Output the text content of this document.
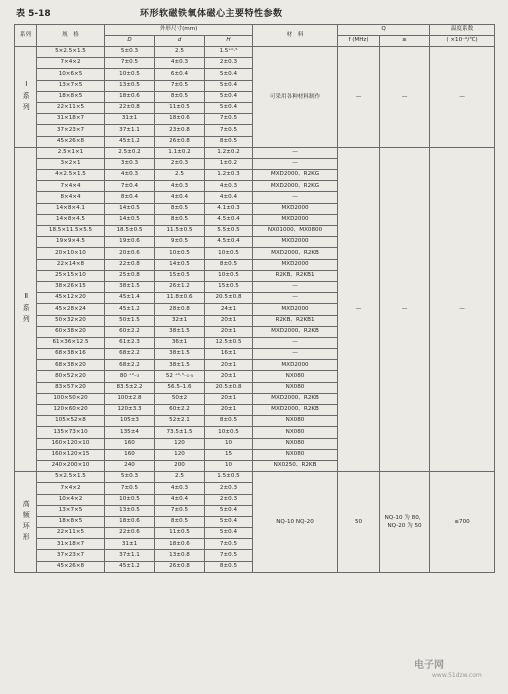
表 5-18	环形软磁铁氧体磁心主要特性参数
系列	规　格	外形尺寸(mm)			材　料	Q		温度系数
		D	d	H		f (MHz)	≥	( ×10⁻⁶/℃)
Ⅰ系列	5×2.5×1.5	5±0.3	2.5	1.5⁺⁰·⁵	可采用各种材料制作	—	—	—
	7×4×2	7±0.5	4±0.3	2±0.3				
	10×6×5	10±0.5	6±0.4	5±0.4				
	13×7×5	13±0.5	7±0.5	5±0.4				
	18×8×5	18±0.6	8±0.5	5±0.4				
	22×11×5	22±0.8	11±0.5	5±0.4				
	31×18×7	31±1	18±0.6	7±0.5				
	37×23×7	37±1.1	23±0.8	7±0.5				
	45×26×8	45±1.2	26±0.8	8±0.5				
Ⅱ系列	2.5×1×1	2.5±0.2	1.1±0.2	1.2±0.2	—	—	—	—
	3×2×1	3±0.3	2±0.3	1±0.2	—			
	4×2.5×1.5	4±0.3	2.5	1.2±0.3	MXD2000、R2KG			
	7×4×4	7±0.4	4±0.3	4±0.3	MXD2000、R2KG			
	8×4×4	8±0.4	4±0.4	4±0.4	—			
	14×8×4.1	14±0.5	8±0.5	4.1±0.3	MXD2000			
	14×8×4.5	14±0.5	8±0.5	4.5±0.4	MXD2000			
	18.5×11.5×5.5	18.5±0.5	11.5±0.5	5.5±0.5	NX01000、MX0800			
	19×9×4.5	19±0.6	9±0.5	4.5±0.4	MXD2000			
	20×10×10	20±0.6	10±0.5	10±0.5	MXD2000、R2KB			
	22×14×8	22±0.8	14±0.5	8±0.5	MXD2000			
	25×15×10	25±0.8	15±0.5	10±0.5	R2KB、R2KB1			
	38×26×15	38±1.5	26±1.2	15±0.5	—			
	45×12×20	45±1.4	11.8±0.6	20.5±0.8	—			
	45×28×24	45±1.2	28±0.8	24±1	MXD2000			
	50×32×20	50±1.5	32±1	20±1	R2KB、R2KB1			
	60×38×20	60±2.2	38±1.5	20±1	MXD2000、R2KB			
	61×36×12.5	61±2.3	36±1	12.5±0.5	—			
	68×38×16	68±2.2	38±1.5	16±1	—			
	68×38×20	68±2.2	38±1.5	20±1	MXD2000			
	80×52×20	80 ⁺²₋₃	52 ⁺⁰·⁵₋₁·₅	20±1	NX080			
	83×57×20	83.5±2.2	56.5–1.6	20.5±0.8	NX080			
	100×50×20	100±2.8	50±2	20±1	MXD2000、R2KB			
	120×60×20	120±3.3	60±2.2	20±1	MXD2000、R2KB			
	105×52×8	105±3	52±2.1	8±0.5	NX080			
	135×73×10	135±4	73.5±1.5	10±0.5	NX080			
	160×120×10	160	120	10	NX080			
	160×120×15	160	120	15	NX080			
	240×200×10	240	200	10	NX0250、R2KB			
高频环形	5×2.5×1.5	5±0.3	2.5	1.5±0.5	NQ-10 NQ-20	50	NQ-10 为 80，NQ-20 为 50	≤700
	7×4×2	7±0.5	4±0.3	2±0.3				
	10×4×2	10±0.5	4±0.4	2±0.3				
	13×7×5	13±0.5	7±0.5	5±0.4				
	18×8×5	18±0.6	8±0.5	5±0.4				
	22×11×5	22±0.6	11±0.5	5±0.4				
	31×18×7	31±1	18±0.6	7±0.5				
	37×23×7	37±1.1	13±0.8	7±0.5				
	45×26×8	45±1.2	26±0.8	8±0.5				
电子网
www.51dzw.com
